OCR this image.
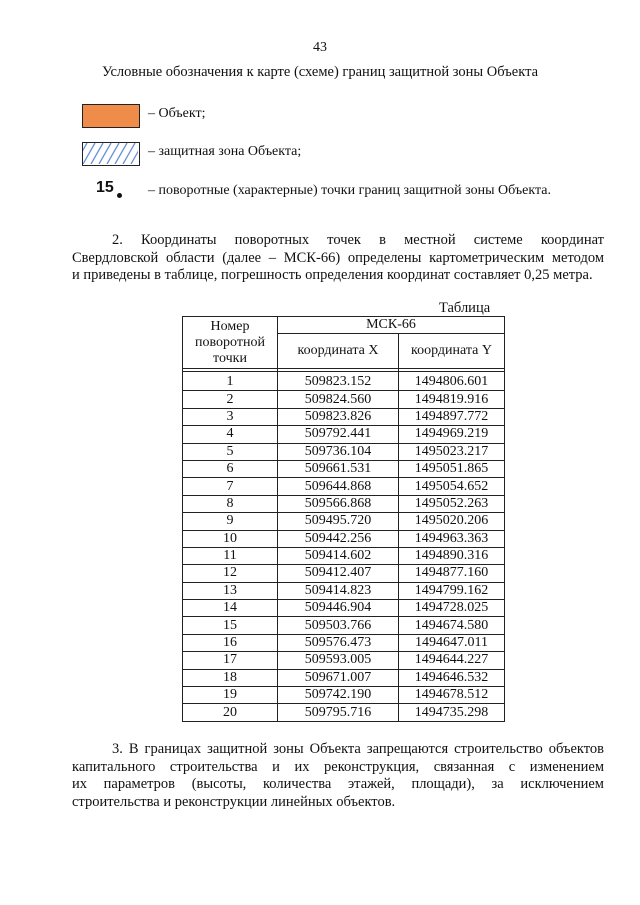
43
Условные обозначения к карте (схеме) границ защитной зоны Объекта
– Объект;
– защитная зона Объекта;
15 – поворотные (характерные) точки границ защитной зоны Объекта.
2. Координаты поворотных точек в местной системе координат
Свердловской области (далее – МСК-66) определены картометрическим методом
и приведены в таблице, погрешность определения координат составляет 0,25 метра.
Таблица
Номер поворотной точки	МСК-66	
	координата X	координата Y

1	509823.152	1494806.601
2	509824.560	1494819.916
3	509823.826	1494897.772
4	509792.441	1494969.219
5	509736.104	1495023.217
6	509661.531	1495051.865
7	509644.868	1495054.652
8	509566.868	1495052.263
9	509495.720	1495020.206
10	509442.256	1494963.363
11	509414.602	1494890.316
12	509412.407	1494877.160
13	509414.823	1494799.162
14	509446.904	1494728.025
15	509503.766	1494674.580
16	509576.473	1494647.011
17	509593.005	1494644.227
18	509671.007	1494646.532
19	509742.190	1494678.512
20	509795.716	1494735.298
3. В границах защитной зоны Объекта запрещаются строительство объектов
капитального строительства и их реконструкция, связанная с изменением
их параметров (высоты, количества этажей, площади), за исключением
строительства и реконструкции линейных объектов.
